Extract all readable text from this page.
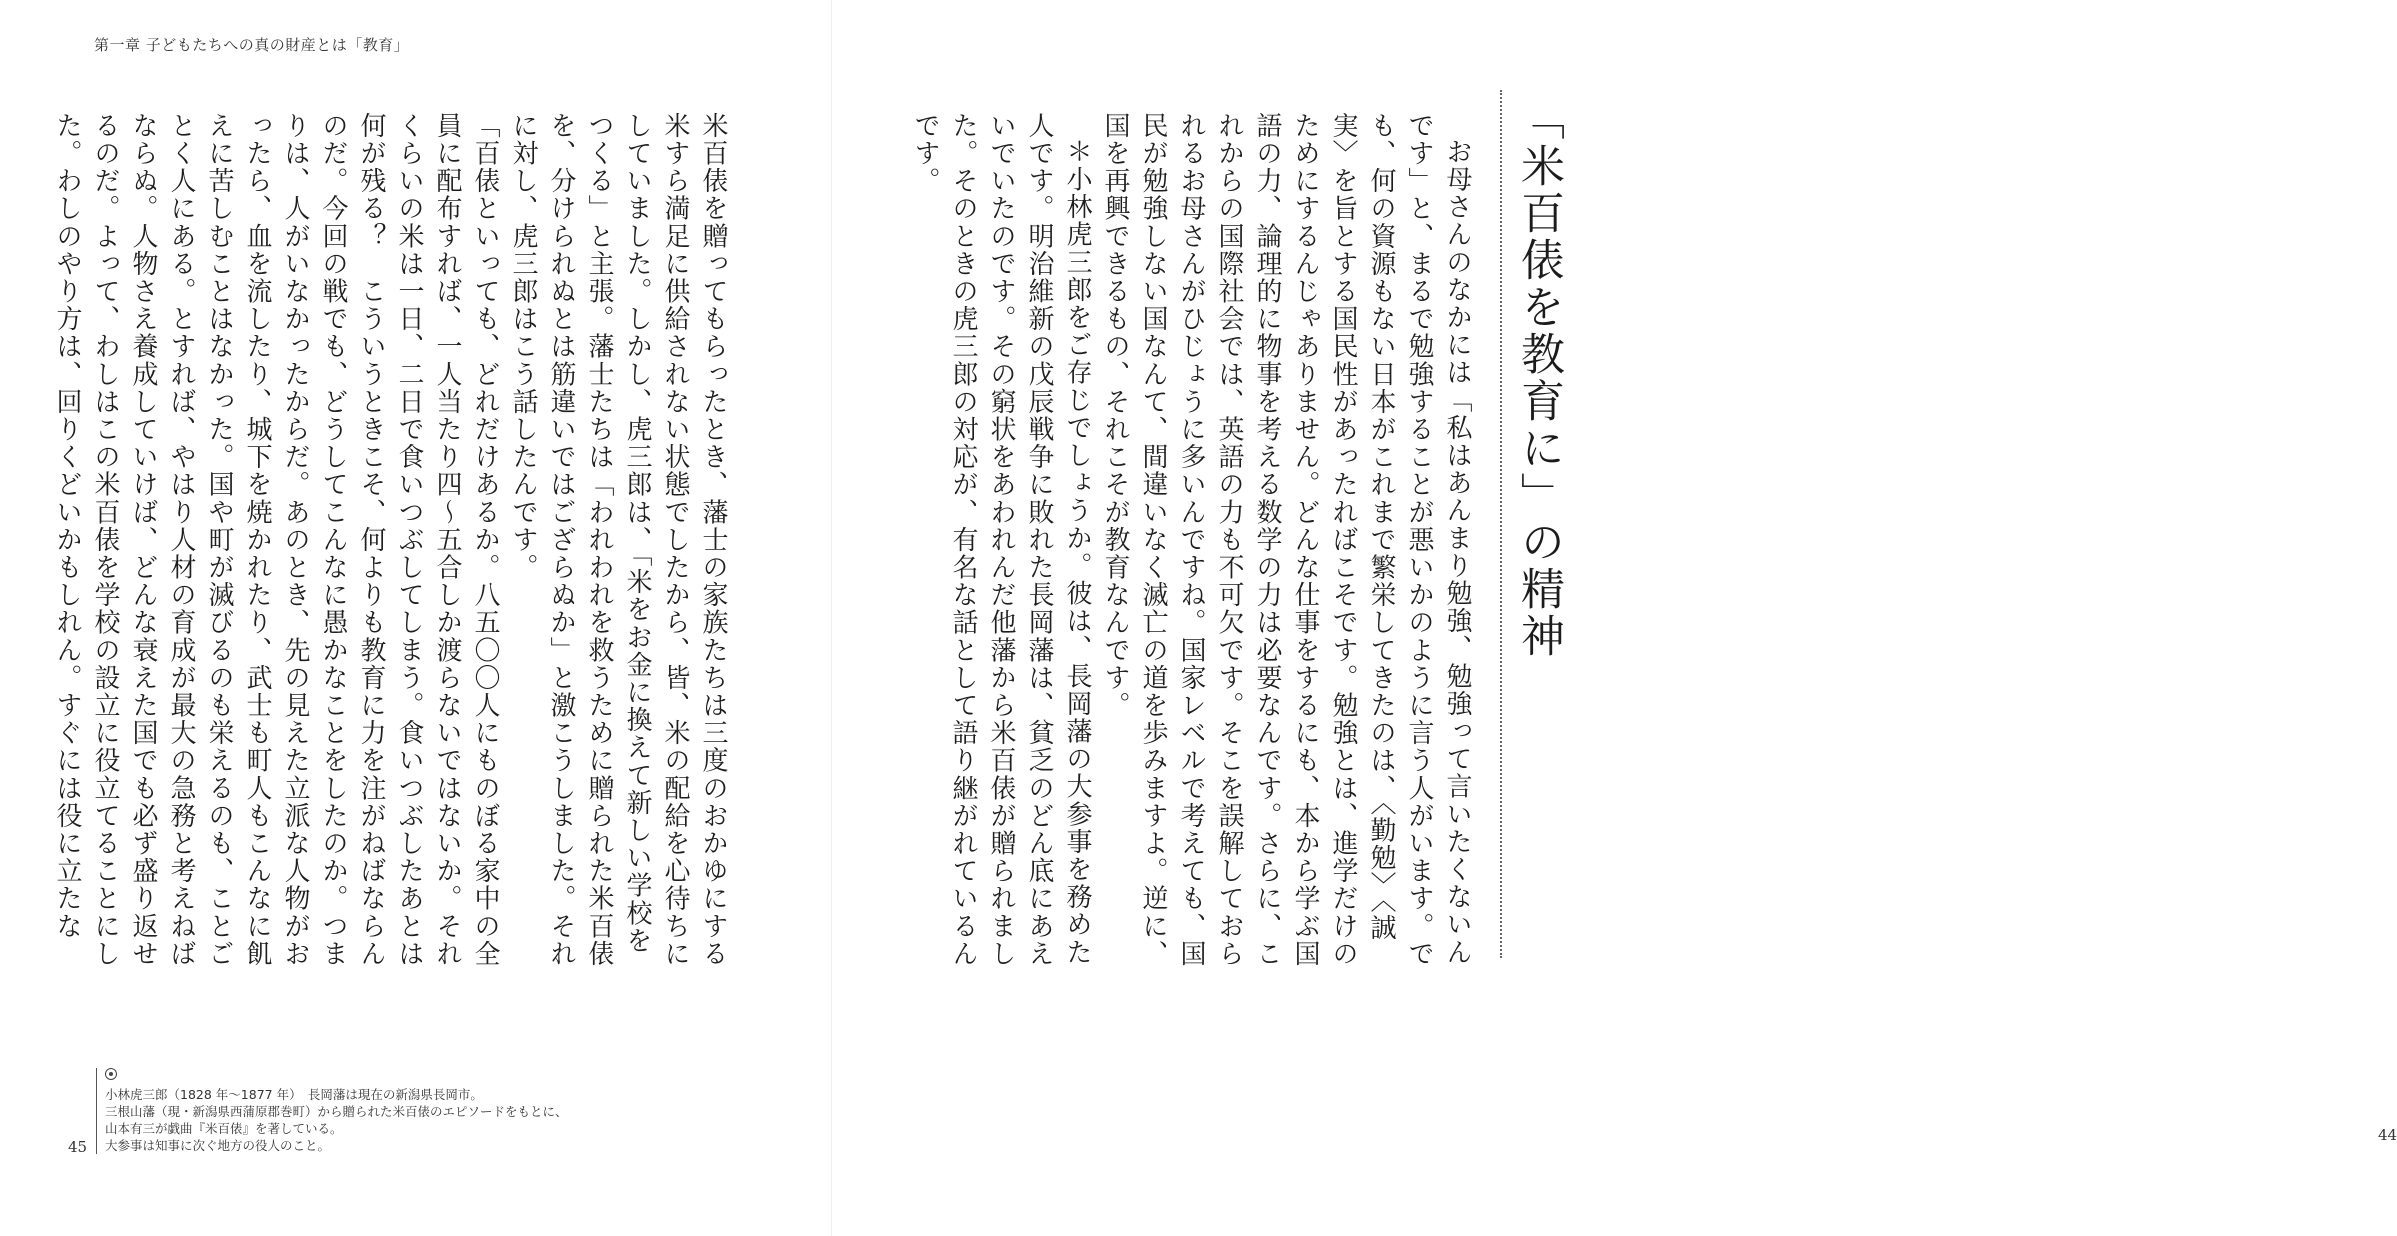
第一章 子どもたちへの真の財産とは「教育」

米百俵を贈ってもらったとき、藩士の家族たちは三度のおかゆにする米すら満足に供給されない状態でしたから、皆、米の配給を心待ちにしていました。しかし、虎三郎は、「米をお金に換えて新しい学校をつくる」と主張。藩士たちは「われわれを救うために贈られた米百俵を、分けられぬとは筋違いではござらぬか」と激こうしました。それに対し、虎三郎はこう話したんです。

「百俵といっても、どれだけあるか。八五〇〇人にものぼる家中の全員に配布すれば、一人当たり四〜五合しか渡らないではないか。それくらいの米は一日、二日で食いつぶしてしまう。食いつぶしたあとは何が残る？　こういうときこそ、何よりも教育に力を注がねばならんのだ。今回の戦でも、どうしてこんなに愚かなことをしたのか。つまりは、人がいなかったからだ。あのとき、先の見えた立派な人物がおったら、血を流したり、城下を焼かれたり、武士も町人もこんなに飢えに苦しむことはなかった。国や町が滅びるのも栄えるのも、ことごとく人にある。とすれば、やはり人材の育成が最大の急務と考えねばならぬ。人物さえ養成していけば、どんな衰えた国でも必ず盛り返せるのだ。よって、わしはこの米百俵を学校の設立に役立てることにした。わしのやり方は、回りくどいかもしれん。すぐには役に立たな

小林虎三郎（1828 年〜1877 年）　長岡藩は現在の新潟県長岡市。
三根山藩（現・新潟県西蒲原郡巻町）から贈られた米百俵のエピソードをもとに、
山本有三が戯曲『米百俵』を著している。
大参事は知事に次ぐ地方の役人のこと。
45
「米百俵を教育に」の精神

お母さんのなかには「私はあんまり勉強、勉強って言いたくないんです」と、まるで勉強することが悪いかのように言う人がいます。でも、何の資源もない日本がこれまで繁栄してきたのは、〈勤勉〉〈誠実〉を旨とする国民性があったればこそです。勉強とは、進学だけのためにするんじゃありません。どんな仕事をするにも、本から学ぶ国語の力、論理的に物事を考える数学の力は必要なんです。さらに、これからの国際社会では、英語の力も不可欠です。そこを誤解しておられるお母さんがひじょうに多いんですね。国家レベルで考えても、国民が勉強しない国なんて、間違いなく滅亡の道を歩みますよ。逆に、国を再興できるもの、それこそが教育なんです。

＊小林虎三郎をご存じでしょうか。彼は、長岡藩の大参事を務めた人です。明治維新の戊辰戦争に敗れた長岡藩は、貧乏のどん底にあえいでいたのです。その窮状をあわれんだ他藩から米百俵が贈られました。そのときの虎三郎の対応が、有名な話として語り継がれているんです。

44
